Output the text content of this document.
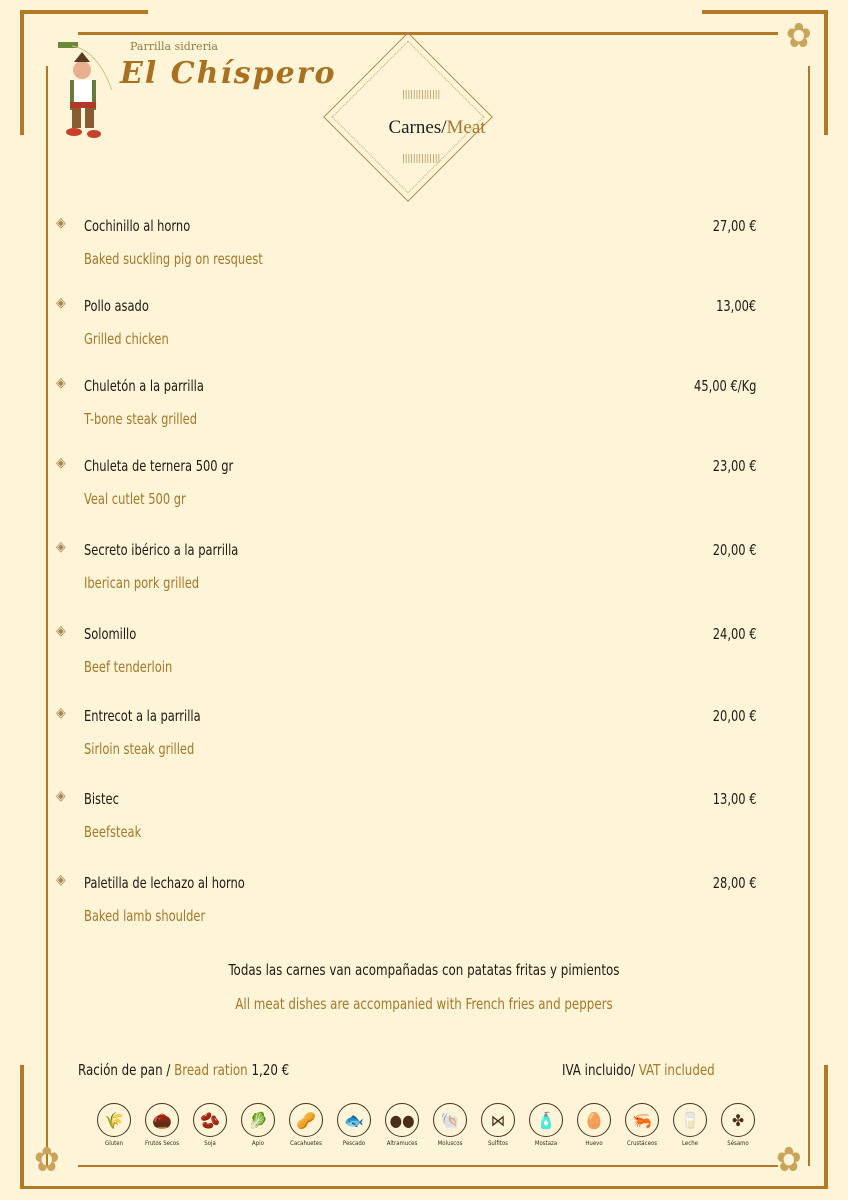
✿
✿	✿
Parrilla sidreria
El Chíspero
||||||||||||||
||||||||||||||
Carnes/Meat
◈ Cochinillo al horno	27,00 €
Baked suckling pig on resquest
◈ Pollo asado	13,00€
Grilled chicken
◈ Chuletón a la parrilla	45,00 €/Kg
T-bone steak grilled
◈ Chuleta de ternera 500 gr	23,00 €
Veal cutlet 500 gr
◈ Secreto ibérico a la parrilla	20,00 €
Iberican pork grilled
◈ Solomillo	24,00 €
Beef tenderloin
◈ Entrecot a la parrilla	20,00 €
Sirloin steak grilled
◈ Bistec	13,00 €
Beefsteak
◈ Paletilla de lechazo al horno	28,00 €
Baked lamb shoulder
Todas las carnes van acompañadas con patatas fritas y pimientos
All meat dishes are accompanied with French fries and peppers
Ración de pan / Bread ration 1,20 €	IVA incluido/ VAT included
🌾
Gluten
🌰
Frutos Secos
🫘
Soja
🥬
Apio
🥜
Cacahuetes
🐟
Pescado
●●
Altramuces
🐚
Moluscos
⋈
Sulfitos
🧴
Mostaza
🥚
Huevo
🦐
Crustáceos
🥛
Leche
✤
Sésamo
